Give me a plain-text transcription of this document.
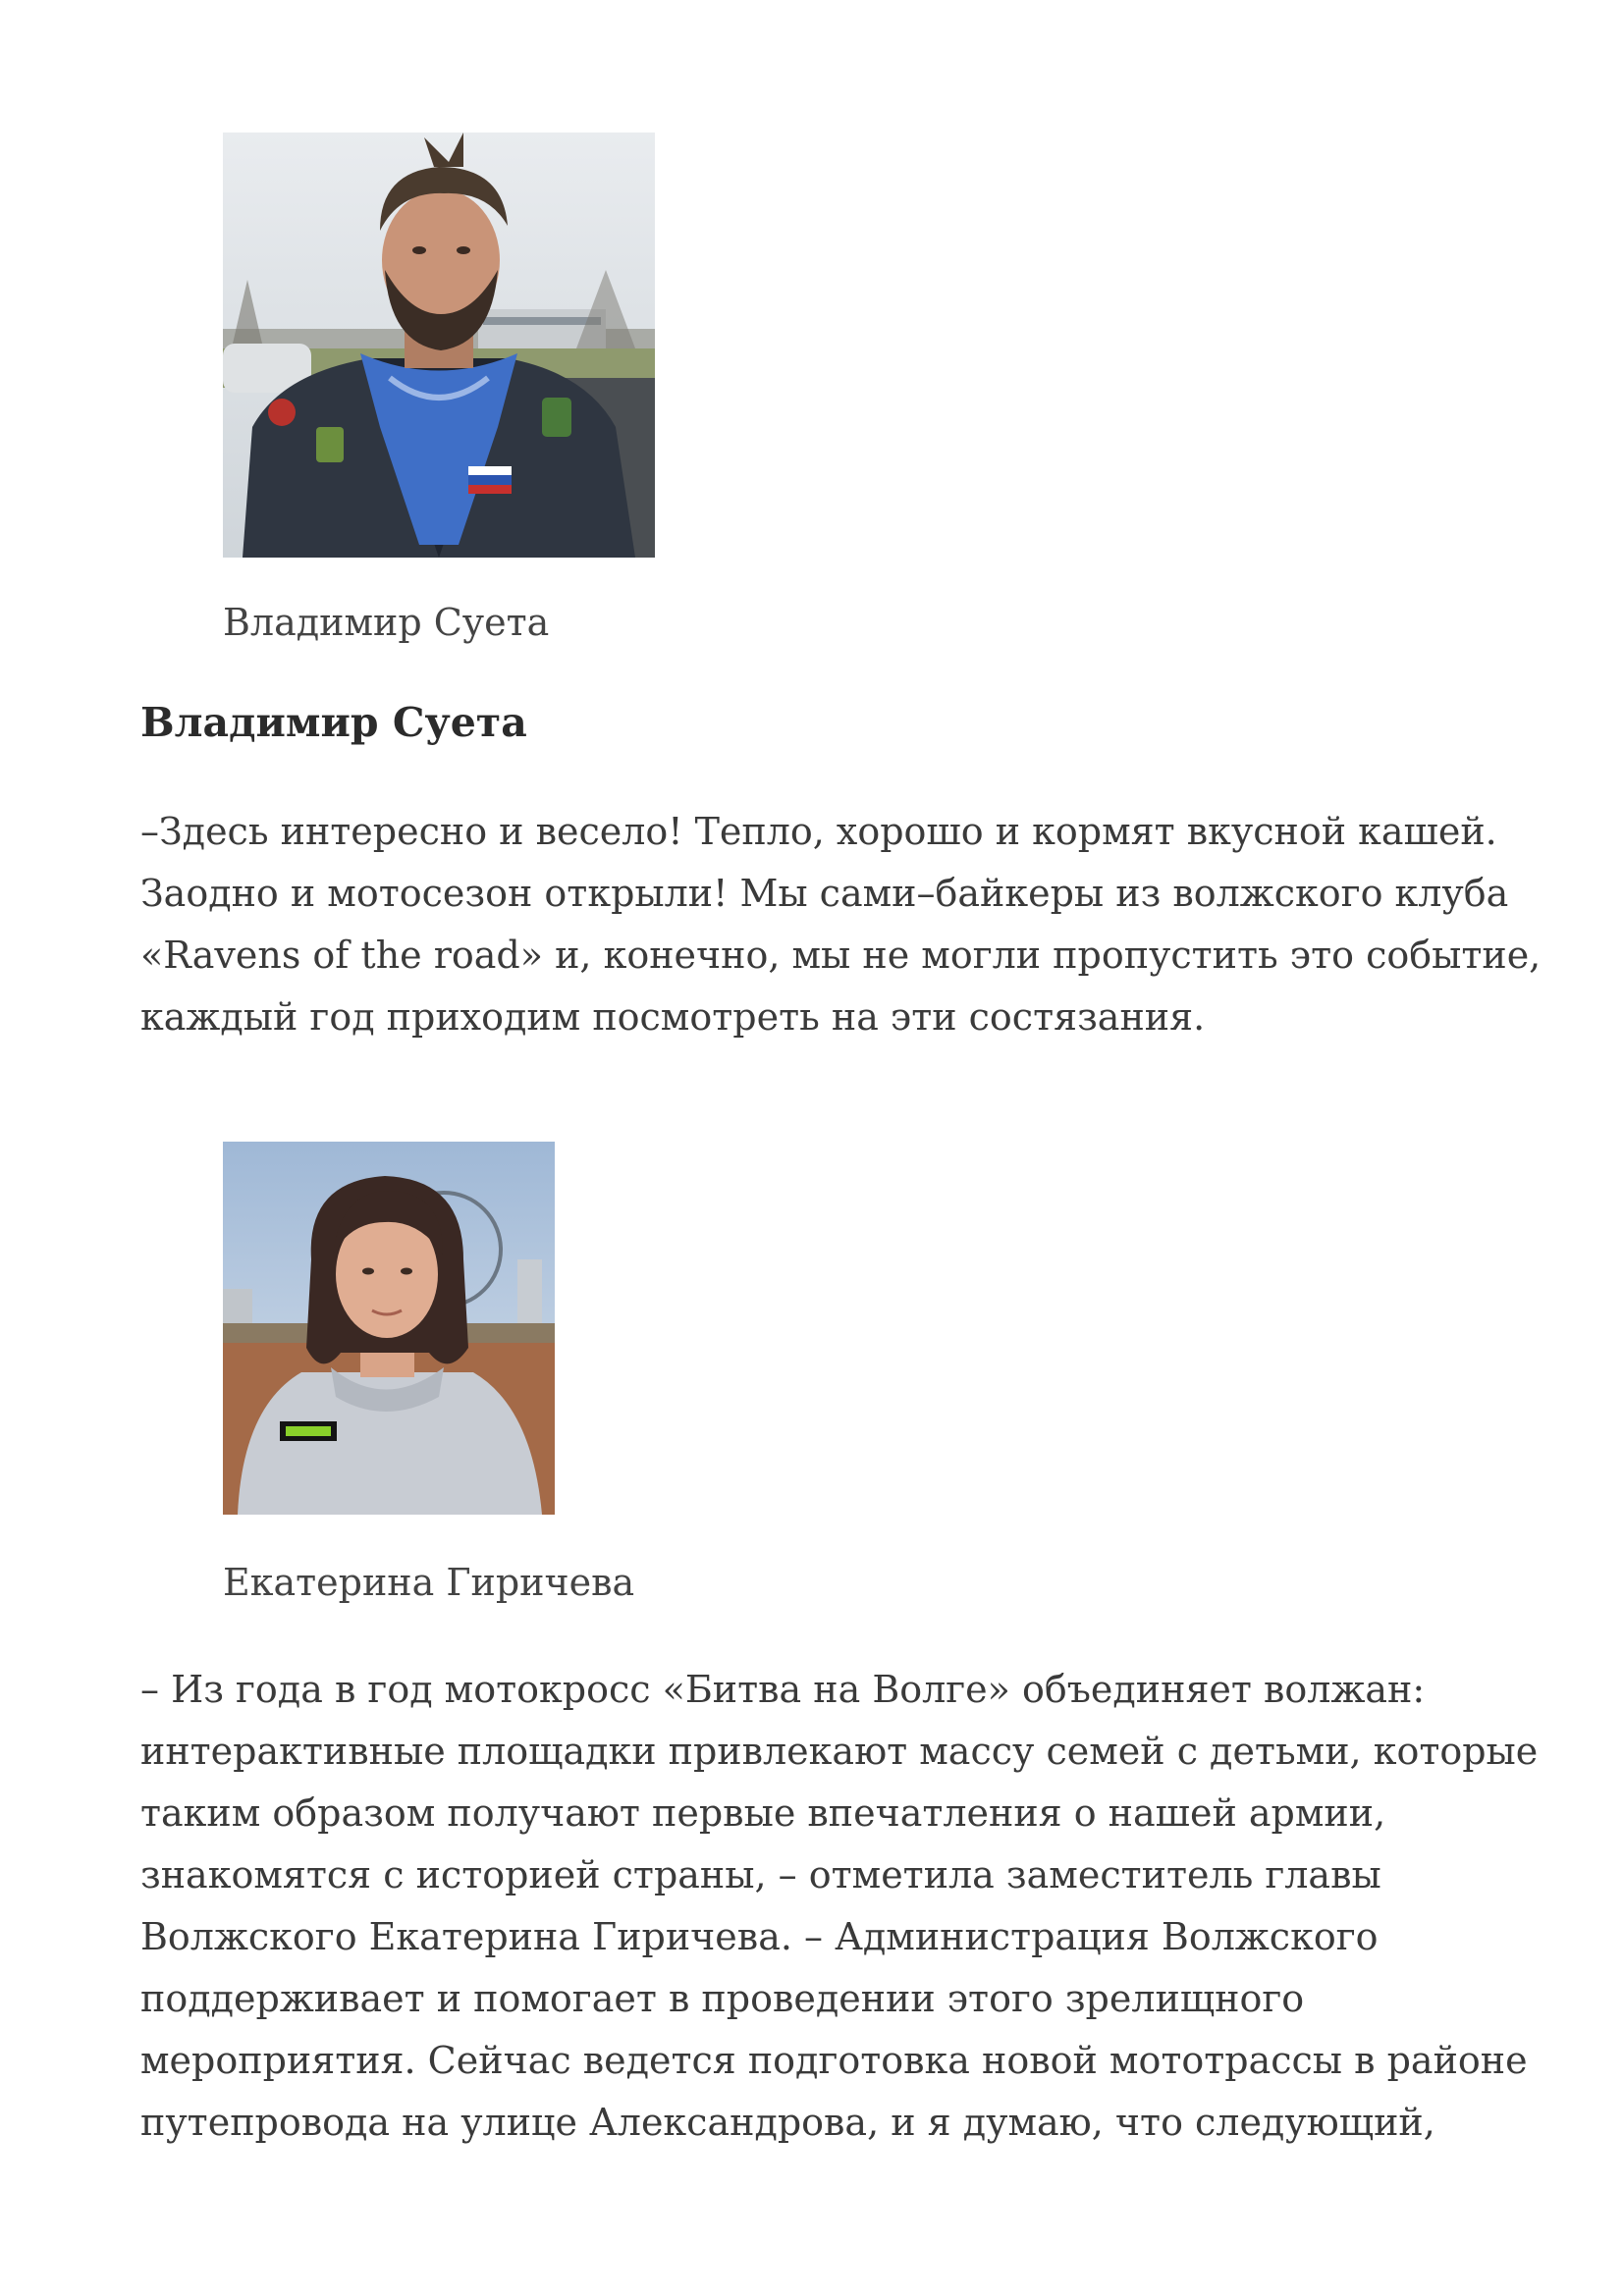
Владимир Суета
Владимир Суета

–Здесь интересно и весело! Тепло, хорошо и кормят вкусной кашей.
Заодно и мотосезон открыли! Мы сами–байкеры из волжского клуба
«Ravens of the road» и, конечно, мы не могли пропустить это событие,
каждый год приходим посмотреть на эти состязания.

Екатерина Гиричева

– Из года в год мотокросс «Битва на Волге» объединяет волжан:
интерактивные площадки привлекают массу семей с детьми, которые
таким образом получают первые впечатления о нашей армии,
знакомятся с историей страны, – отметила заместитель главы
Волжского Екатерина Гиричева. – Администрация Волжского
поддерживает и помогает в проведении этого зрелищного
мероприятия. Сейчас ведется подготовка новой мототрассы в районе
путепровода на улице Александрова, и я думаю, что следующий,
